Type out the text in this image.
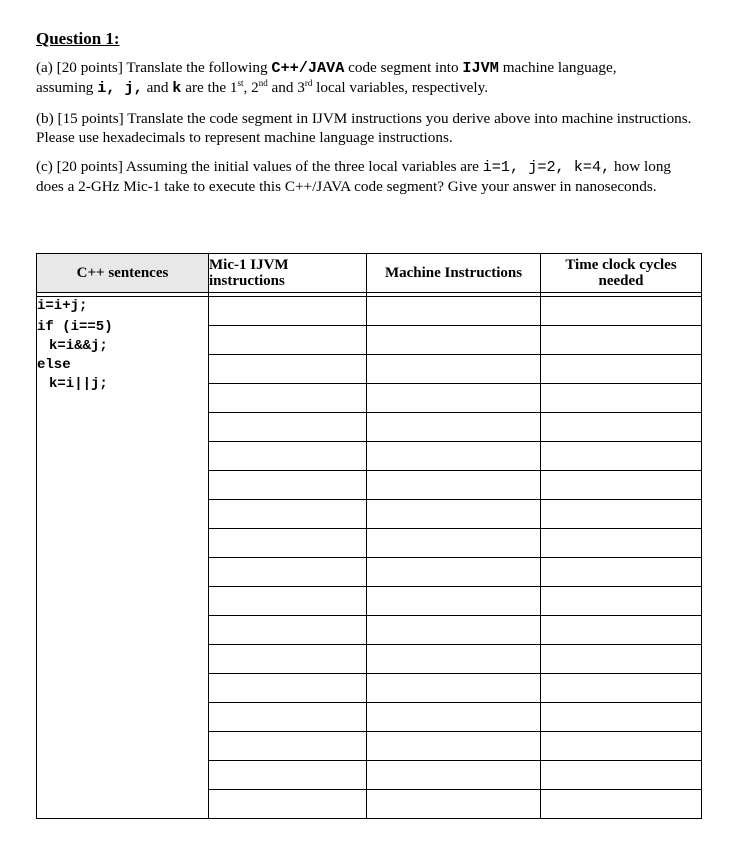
Question 1:
(a) [20 points] Translate the following C++/JAVA code segment into IJVM machine language,
assuming i, j, and k are the 1st, 2nd and 3rd local variables, respectively.
(b) [15 points] Translate the code segment in IJVM instructions you derive above into machine instructions. Please use hexadecimals to represent machine language instructions.
(c) [20 points] Assuming the initial values of the three local variables are i=1, j=2, k=4, how long does a 2-GHz Mic-1 take to execute this C++/JAVA code segment? Give your answer in nanoseconds.
C++ sentences	Mic-1 IJVM instructions	Machine Instructions	Time clock cycles needed

i=i+j;
if (i==5)
k=i&&j;
else
k=i||j;			
